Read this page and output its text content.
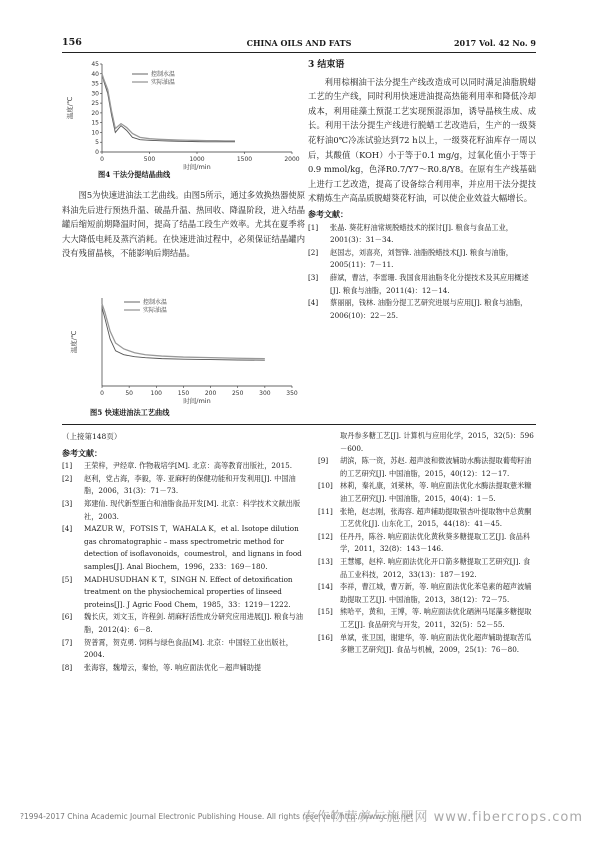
156	CHINA OILS AND FATS	2017 Vol. 42 No. 9
0	500	1000	1500	2000
0
5
10
15
20
25
30
35
40
45
时间/min
温度/℃
控制水温
实际油温
图4 干法分提结晶曲线

图5为快速进油法工艺曲线。由图5所示，通过多效换热器使原料油先后进行预热升温、破晶升温、热回收、降温阶段，进入结晶罐后缩短前期降温时间，提高了结晶工段生产效率。尤其在夏季将大大降低电耗及蒸汽消耗。在快速进油过程中，必须保证结晶罐内没有残留晶核，不能影响后期结晶。

0	50	100	150	200	250	300	350
时间/min
温度/℃
控制水温
实际油温
图5 快速进油法工艺曲线
3 结束语

利用棕榈油干法分提生产线改造成可以同时满足油脂脱蜡工艺的生产线，同时利用快速进油提高热能利用率和降低冷却成本，利用硅藻土预混工艺实现预混添加，诱导晶核生成、成长。利用干法分提生产线进行脱蜡工艺改造后，生产的一级葵花籽油0℃冷冻试验达到72 h以上，一级葵花籽油库存一周以后，其酸值（KOH）小于等于0.1 mg/g，过氧化值小于等于0.9 mmol/kg，色泽R0.7/Y7～R0.8/Y8。在原有生产线基础上进行工艺改造，提高了设备综合利用率，并应用干法分提技术精炼生产高品质脱蜡葵花籽油，可以使企业效益大幅增长。

参考文献：
[1] 张晶. 葵花籽油常规脱蜡技术的探讨[J]. 粮食与食品工业，2001(3)：31－34.
[2] 赵国志，刘喜亮，刘智锋. 油脂脱蜡技术[J]. 粮食与油脂，2005(11)：7－11.
[3] 薛斌，曹洁，李雷珊. 我国食用油脂冬化分提技术及其应用概述[J]. 粮食与油脂，2011(4)：12－14.
[4] 蔡丽丽，钱林. 油脂分提工艺研究进展与应用[J]. 粮食与油脂，2006(10)：22－25.
（上接第148页）
参考文献：
[1] 王荣梓，尹经章. 作物栽培学[M]. 北京：高等教育出版社，2015.
[2] 赵利，党占海，李毅，等. 亚麻籽的保健功能和开发利用[J]. 中国油脂，2006，31(3)：71－73.
[3] 郑建仙. 现代新型蛋白和油脂食品开发[M]. 北京：科学技术文献出版社，2003.
[4] MAZUR W，FOTSIS T，WAHALA K，et al. Isotope dilution gas chromatographic – mass spectrometric method for detection of isoflavonoids，coumestrol，and lignans in food samples[J]. Anal Biochem，1996，233：169－180.
[5] MADHUSUDHAN K T，SINGH N. Effect of detoxification treatment on the physiochemical properties of linseed proteins[J]. J Agric Food Chem，1985，33：1219－1222.
[6] 魏长庆，刘文玉，许程剑. 胡麻籽活性成分研究应用进展[J]. 粮食与油脂，2012(4)：6－8.
[7] 贺普霄，贺克勇. 饲料与绿色食品[M]. 北京：中国轻工业出版社，2004.
[8] 张海容，魏增云，秦怡，等. 响应面法优化－超声辅助提
取丹参多糖工艺[J]. 计算机与应用化学，2015，32(5)：596－600.
[9] 胡滨，陈一资，苏赵. 超声波和微波辅助水酶法提取葡萄籽油的工艺研究[J]. 中国油脂，2015，40(12)：12－17.
[10] 林莉，秦礼康，刘莱林，等. 响应面法优化水酶法提取薏米糠油工艺研究[J]. 中国油脂，2015，40(4)：1－5.
[11] 张艳，赵志刚，张海容. 超声辅助提取银杏叶提取物中总黄酮工艺优化[J]. 山东化工，2015，44(18)：41－45.
[12] 任丹丹，陈谷. 响应面法优化黄秋葵多糖提取工艺[J]. 食品科学，2011，32(8)：143－146.
[13] 王慧娜，赵梓. 响应面法优化开口箭多糖提取工艺研究[J]. 食品工业科技，2012，33(13)：187－192.
[14] 李祥，曹江城，曹万新，等. 响应面法优化苯皂素的超声波辅助提取工艺[J]. 中国油脂，2013，38(12)：72－75.
[15] 熊哈平，黄和，王博，等. 响应面法优化硒洲马尾藻多糖提取工艺[J]. 食品研究与开发，2011，32(5)：52－55.
[16] 单斌，张卫国，谢建华，等. 响应面法优化超声辅助提取苦瓜多糖工艺研究[J]. 食品与机械，2009，25(1)：76－80.
?1994-2017 China Academic Journal Electronic Publishing House. All rights reserved. http://www.cnki.net
农作物营养与施肥网 www.fibercrops.com
